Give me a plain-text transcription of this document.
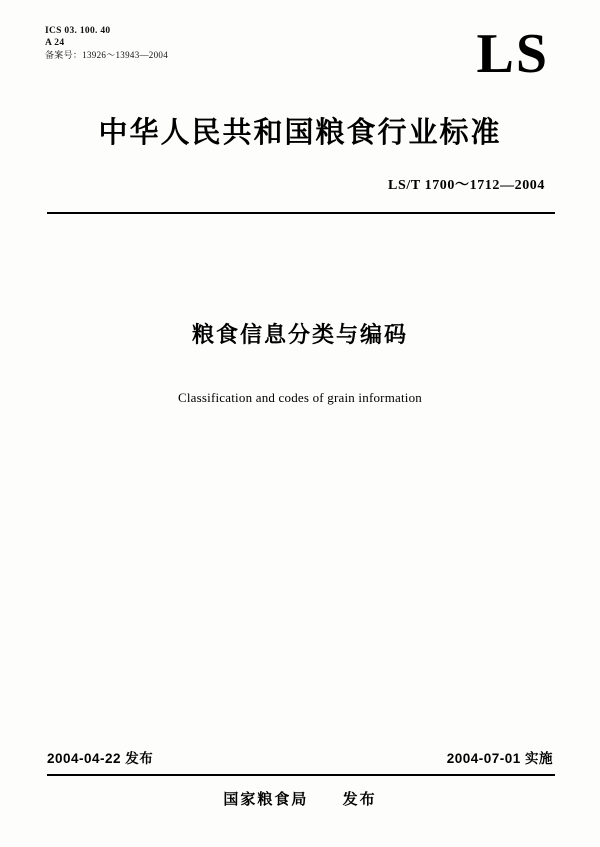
ICS 03. 100. 40
A 24
备案号：13926～13943—2004	LS
中华人民共和国粮食行业标准
LS/T 1700～1712—2004
粮食信息分类与编码
Classification and codes of grain information
2004-04-22 发布	2004-07-01 实施
国家粮食局 发布
